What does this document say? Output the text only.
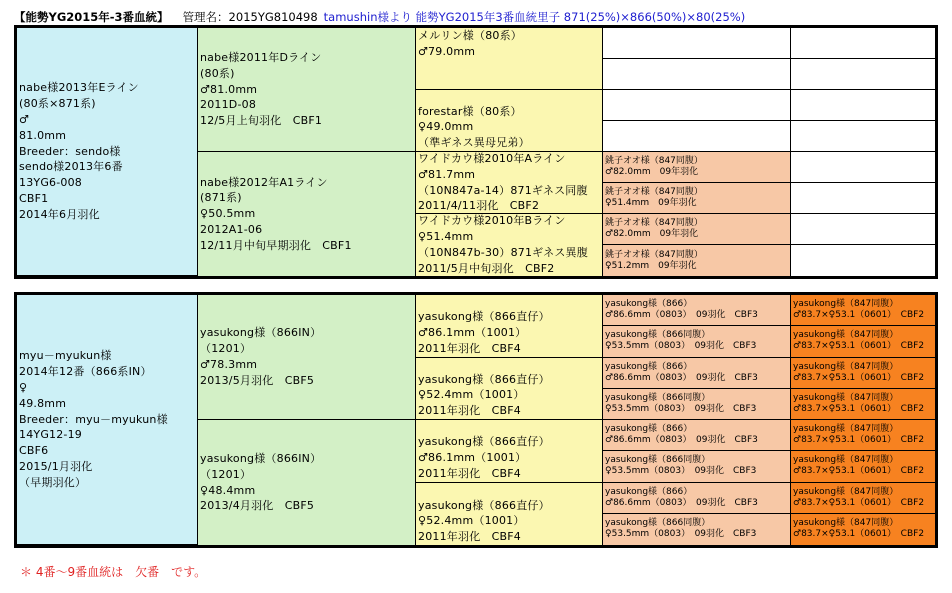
【能勢YG2015年-3番血統】 管理名：2015YG810498 tamushin様より 能勢YG2015年3番血統里子 871(25%)×866(50%)×80(25%)
nabe様2013年Eライン
(80系×871系)
♂
81.0mm
Breeder：sendo様
sendo様2013年6番
13YG6-008
CBF1
2014年6月羽化
nabe様2011年Dライン
(80系)
♂81.0mm
2011D-08
12/5月上旬羽化　CBF1
nabe様2012年A1ライン
(871系)
♀50.5mm
2012A1-06
12/11月中旬早期羽化　CBF1
メルリン様（80系）
♂79.0mm
forestar様（80系）
♀49.0mm
（準ギネス異母兄弟）
ワイドカウ様2010年Aライン
♂81.7mm
（10N847a-14）871ギネス同腹
2011/4/11羽化　CBF2
ワイドカウ様2010年Bライン
♀51.4mm
（10N847b-30）871ギネス異腹
2011/5月中旬羽化　CBF2
銚子オオ様（847同腹）
♂82.0mm　09年羽化
銚子オオ様（847同腹）
♀51.4mm　09年羽化
銚子オオ様（847同腹）
♂82.0mm　09年羽化
銚子オオ様（847同腹）
♀51.2mm　09年羽化
myu－myukun様
2014年12番（866系IN）
♀
49.8mm
Breeder：myu－myukun様
14YG12-19
CBF6
2015/1月羽化
（早期羽化）
yasukong様（866IN）
（1201）
♂78.3mm
2013/5月羽化　CBF5
yasukong様（866IN）
（1201）
♀48.4mm
2013/4月羽化　CBF5
yasukong様（866直仔）
♂86.1mm（1001）
2011年羽化　CBF4
yasukong様（866直仔）
♀52.4mm（1001）
2011年羽化　CBF4
yasukong様（866直仔）
♂86.1mm（1001）
2011年羽化　CBF4
yasukong様（866直仔）
♀52.4mm（1001）
2011年羽化　CBF4
yasukong様（866）
♂86.6mm（0803）　09羽化　CBF3
yasukong様（866同腹）
♀53.5mm（0803）　09羽化　CBF3
yasukong様（866）
♂86.6mm（0803）　09羽化　CBF3
yasukong様（866同腹）
♀53.5mm（0803）　09羽化　CBF3
yasukong様（866）
♂86.6mm（0803）　09羽化　CBF3
yasukong様（866同腹）
♀53.5mm（0803）　09羽化　CBF3
yasukong様（866）
♂86.6mm（0803）　09羽化　CBF3
yasukong様（866同腹）
♀53.5mm（0803）　09羽化　CBF3
yasukong様（847同腹）
♂83.7×♀53.1（0601）　CBF2
yasukong様（847同腹）
♂83.7×♀53.1（0601）　CBF2
yasukong様（847同腹）
♂83.7×♀53.1（0601）　CBF2
yasukong様（847同腹）
♂83.7×♀53.1（0601）　CBF2
yasukong様（847同腹）
♂83.7×♀53.1（0601）　CBF2
yasukong様（847同腹）
♂83.7×♀53.1（0601）　CBF2
yasukong様（847同腹）
♂83.7×♀53.1（0601）　CBF2
yasukong様（847同腹）
♂83.7×♀53.1（0601）　CBF2
＊ 4番～9番血統は　欠番　です。
